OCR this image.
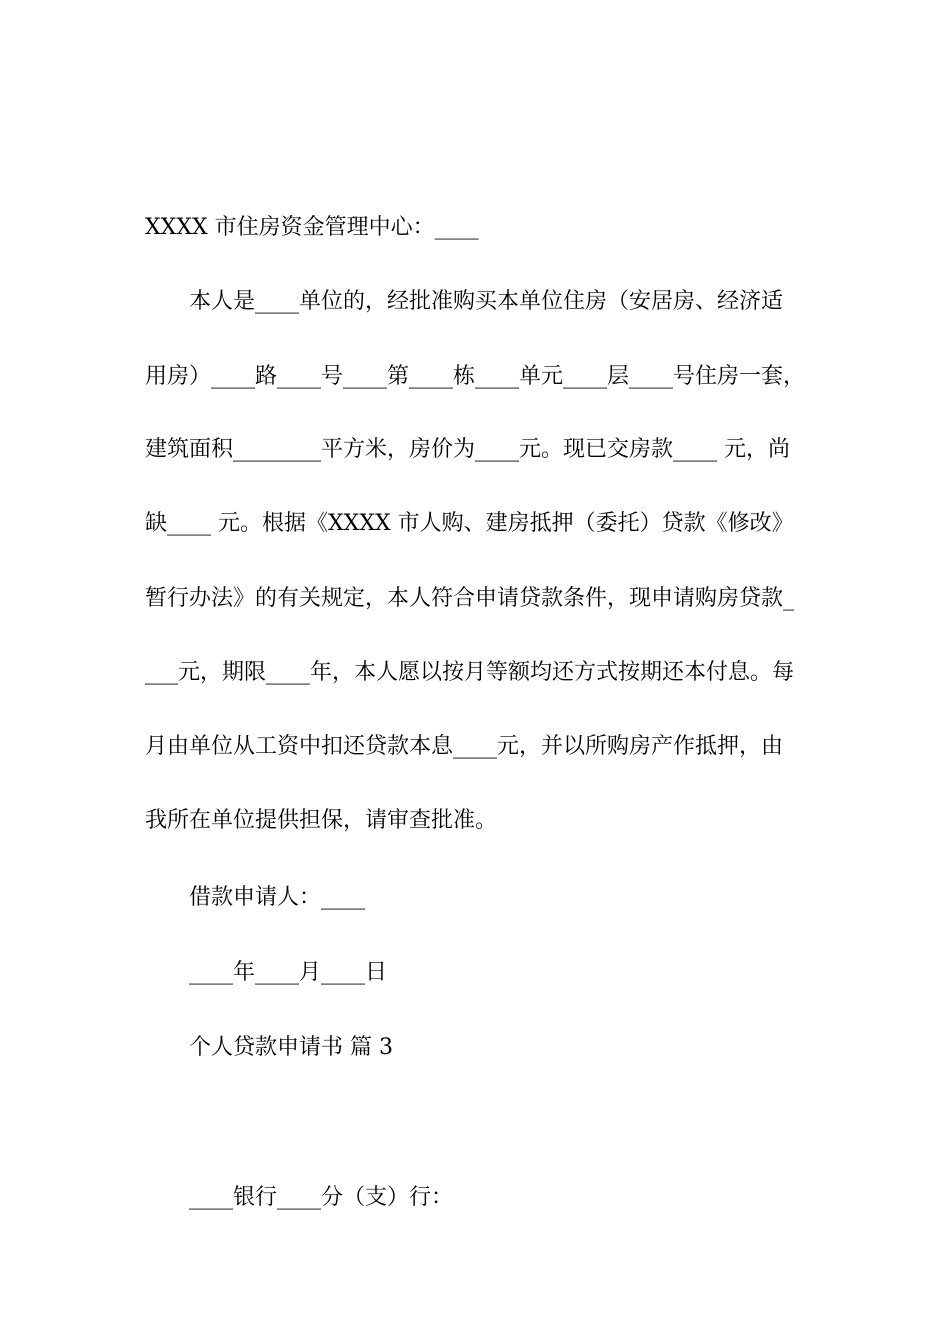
XXXX 市住房资金管理中心：____
本人是____单位的，经批准购买本单位住房（安居房、经济适
用房）____路____号____第____栋____单元____层____号住房一套，
建筑面积________平方米，房价为____元。现已交房款____ 元，尚
缺____ 元。根据《XXXX 市人购、建房抵押（委托）贷款《修改》
暂行办法》的有关规定，本人符合申请贷款条件，现申请购房贷款_
___元，期限____年，本人愿以按月等额均还方式按期还本付息。每
月由单位从工资中扣还贷款本息____元，并以所购房产作抵押，由
我所在单位提供担保，请审查批准。
借款申请人：____
____年____月____日
个人贷款申请书 篇 3
____银行____分（支）行：
